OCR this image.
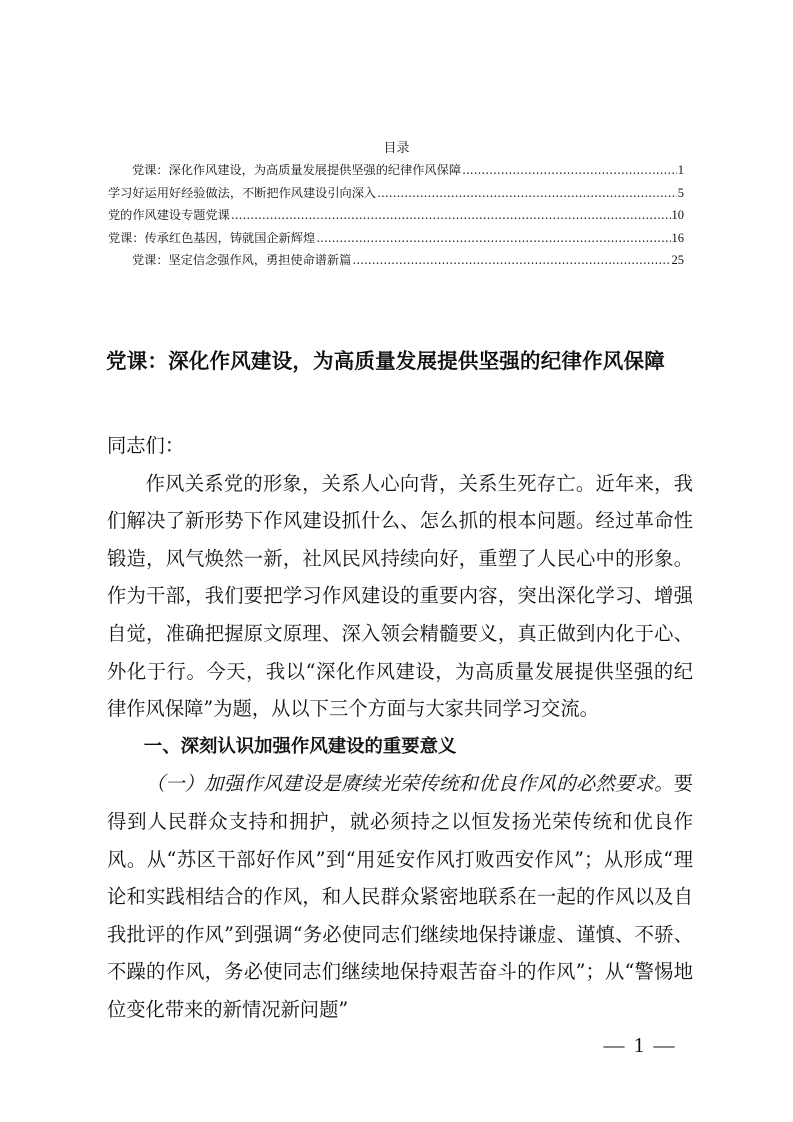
目录
党课：深化作风建设，为高质量发展提供坚强的纪律作风保障 .....	1
学习好运用好经验做法，不断把作风建设引向深入 .....	5
党的作风建设专题党课 .....	10
党课：传承红色基因，铸就国企新辉煌 .....	16
党课：坚定信念强作风，勇担使命谱新篇 .....	25
党课：深化作风建设，为高质量发展提供坚强的纪律作风保障

同志们：

作风关系党的形象，关系人心向背，关系生死存亡。近年来，我们解决了新形势下作风建设抓什么、怎么抓的根本问题。经过革命性锻造，风气焕然一新，社风民风持续向好，重塑了人民心中的形象。作为干部，我们要把学习作风建设的重要内容，突出深化学习、增强自觉，准确把握原文原理、深入领会精髓要义，真正做到内化于心、外化于行。今天，我以“深化作风建设，为高质量发展提供坚强的纪律作风保障”为题，从以下三个方面与大家共同学习交流。

一、深刻认识加强作风建设的重要意义

（一）加强作风建设是赓续光荣传统和优良作风的必然要求。要得到人民群众支持和拥护，就必须持之以恒发扬光荣传统和优良作风。从“苏区干部好作风”到“用延安作风打败西安作风”；从形成“理论和实践相结合的作风，和人民群众紧密地联系在一起的作风以及自我批评的作风”到强调“务必使同志们继续地保持谦虚、谨慎、不骄、不躁的作风，务必使同志们继续地保持艰苦奋斗的作风”；从“警惕地位变化带来的新情况新问题”

— 1 —
